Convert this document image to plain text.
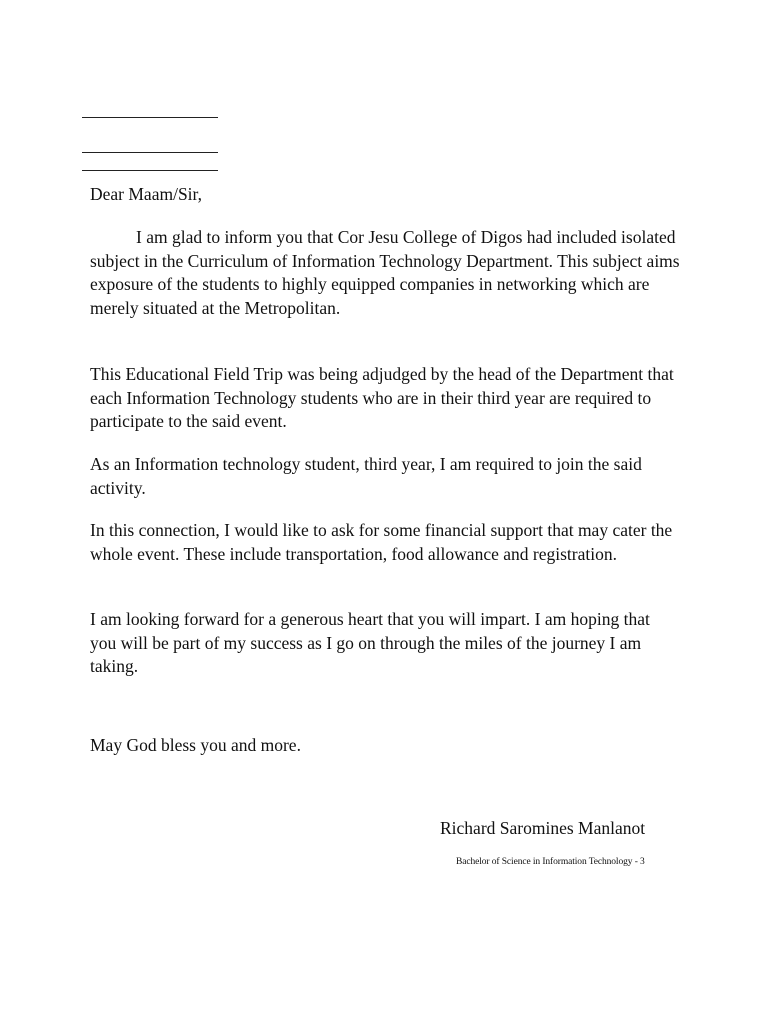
Dear Maam/Sir,

I am glad to inform you that Cor Jesu College of Digos had included isolated subject in the Curriculum of Information Technology Department. This subject aims exposure of the students to highly equipped companies in networking which are merely situated at the Metropolitan.

This Educational Field Trip was being adjudged by the head of the Department that each Information Technology students who are in their third year are required to participate to the said event.

As an Information technology student, third year, I am required to join the said activity.

In this connection, I would like to ask for some financial support that may cater the whole event. These include transportation, food allowance and registration.

I am looking forward for a generous heart that you will impart. I am hoping that you will be part of my success as I go on through the miles of the journey I am taking.

May God bless you and more.

Richard Saromines Manlanot

Bachelor of Science in Information Technology - 3
